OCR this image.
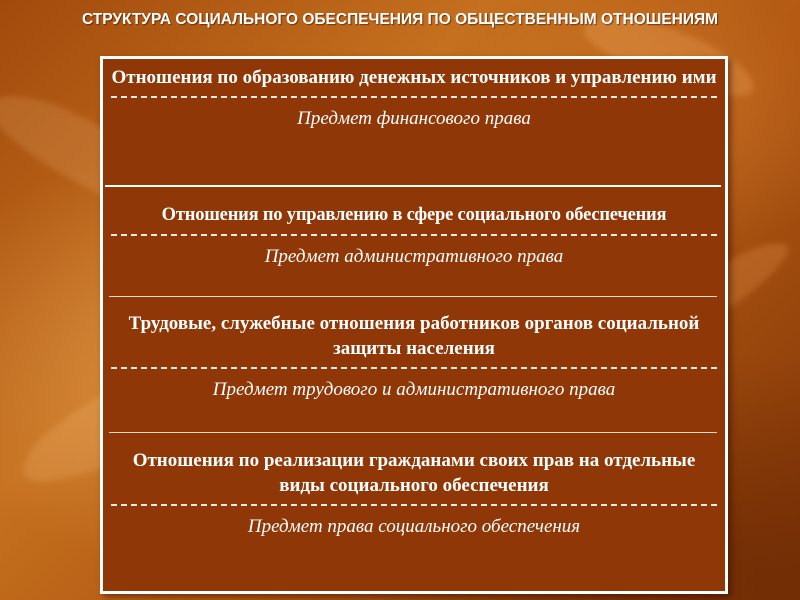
СТРУКТУРА СОЦИАЛЬНОГО ОБЕСПЕЧЕНИЯ ПО ОБЩЕСТВЕННЫМ ОТНОШЕНИЯМ
Отношения по образованию денежных источников и управлению ими
Предмет финансового права
Отношения по управлению в сфере социального обеспечения
Предмет административного права
Трудовые, служебные отношения работников органов социальной защиты населения
Предмет трудового и административного права
Отношения по реализации гражданами своих прав на отдельные виды социального обеспечения
Предмет права социального обеспечения
